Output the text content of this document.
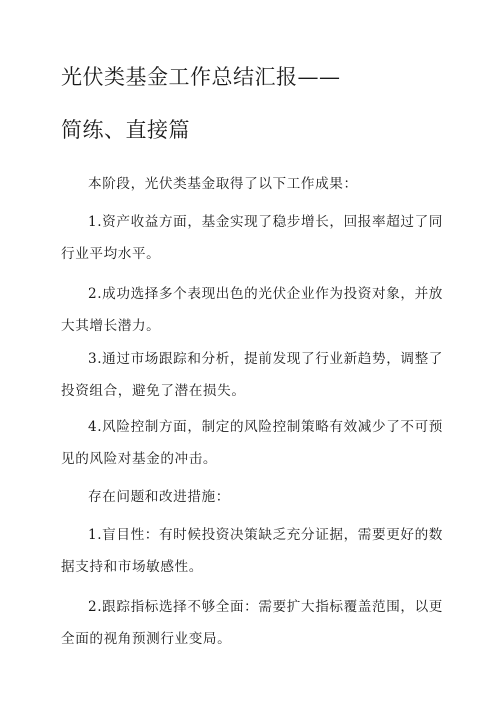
光伏类基金工作总结汇报——
简练、直接篇

本阶段，光伏类基金取得了以下工作成果：

1.资产收益方面，基金实现了稳步增长，回报率超过了同行业平均水平。

2.成功选择多个表现出色的光伏企业作为投资对象，并放大其增长潜力。

3.通过市场跟踪和分析，提前发现了行业新趋势，调整了投资组合，避免了潜在损失。

4.风险控制方面，制定的风险控制策略有效减少了不可预见的风险对基金的冲击。

存在问题和改进措施：

1.盲目性：有时候投资决策缺乏充分证据，需要更好的数据支持和市场敏感性。

2.跟踪指标选择不够全面：需要扩大指标覆盖范围，以更全面的视角预测行业变局。
